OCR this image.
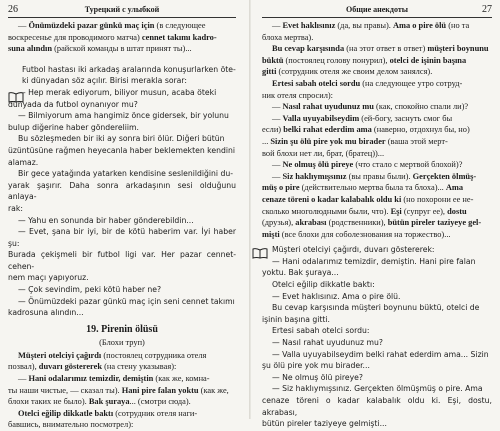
26	Турецкий с улыбкой
— Önümüzdeki pazar günkü maç için (в следующее
воскресенье для проводимого матча) cennet takımı kadro-
suna alındın (райской команды в штат принят ты)...
Futbol hastası iki arkadaş aralarında konuşurlarken öte-
ki dünyadan söz açılır. Birisi merakla sorar:
— Hep merak ediyorum, biliyor musun, acaba öteki
dünyada da futbol oynanıyor mu?
— Bilmiyorum ama hangimiz önce gidersek, bir yolunu
bulup diğerine haber göndereliim.
Bu sözleşmeden bir iki ay sonra biri ölür. Diğeri bütün
üzüntüsüne rağmen heyecanla haber beklemekten kendini
alamaz.
Bir gece yatağında yatarken kendisine seslenildiğini du-
yarak şaşırır. Daha sonra arkadaşının sesi olduğunu anlaya-
rak:
— Yahu en sonunda bir haber gönderebildin...
— Evet, şana bir iyi, bir de kötü haberim var. İyi haber şu:
Burada çekişmeli bir futbol ligi var. Her pazar cennet-cehen-
nem maçı yapıyoruz.
— Çok sevindim, peki kötü haber ne?
— Önümüzdeki pazar günkü maç için seni cennet takımı
kadrosuna alındın...
19. Pirenin ölüsü
(Блохи труп)
Müşteri otelciyi çağırdı (постоялец сотрудника отеля
позвал), duvarı göstererek (на стену указывая):
— Hani odalarımız temizdir, demiştin (как же, комна-
ты наши чистые, — сказал ты). Hani pire falan yoktu (как же,
блохи таких не было). Bak şuraya... (смотри сюда).
Otelci eğilip dikkatle baktı (сотрудник отеля наги-
бавшись, внимательно посмотрел):
Общие анекдоты	27
— Evet haklısınız (да, вы правы). Ama o pire ölü (но та
блоха мертва).
Bu cevap karşısında (на этот ответ в ответ) müşteri boynunu
büktü (постоялец голову понурил), otelci de işinin başına
gitti (сотрудник отеля же своим делом занялся).
Ertesi sabah otelci sordu (на следующее утро сотруд-
ник отеля спросил):
— Nasıl rahat uyudunuz mu (как, спокойно спали ли)?
— Valla uyuyabilseydim (ей-богу, заснуть смог бы
если) belki rahat ederdim ama (наверно, отдохнул бы, но)
... Sizin şu ölü pire yok mu birader (ваша этой мерт-
вой блохи нет ли, брат, (братец))...
— Ne olmuş ölü pireye (что стало с мертвой блохой)?
— Siz haklıymışsınız (вы правы были). Gerçekten ölmüş-
müş o pire (действительно мертва была та блоха)... Ama
cenaze töreni o kadar kalabalık oldu ki (но похорони ее не-
сколько многолюдными были, что). Eşi (супруг ее), dostu
(друзья), akrabası (родственники), bütün pireler taziyeye gel-
mişti (все блохи для соболезнования на торжество)...
Müşteri otelciyi çağırdı, duvarı göstererek:
— Hani odalarımız temizdir, demiştin. Hani pire falan
yoktu. Bak şuraya...
Otelci eğilip dikkatle baktı:
— Evet haklısınız. Ama o pire ölü.
Bu cevap karşısında müşteri boynunu büktü, otelci de
işinin başına gitti.
Ertesi sabah otelci sordu:
— Nasıl rahat uyudunuz mu?
— Valla uyuyabilseydim belki rahat ederdim ama... Sizin
şu ölü pire yok mu birader...
— Ne olmuş ölü pireye?
— Siz haklıymışsınız. Gerçekten ölmüşmüş o pire. Ama
cenaze töreni o kadar kalabalık oldu ki. Eşi, dostu, akrabası,
bütün pireler taziyeye gelmişti...
